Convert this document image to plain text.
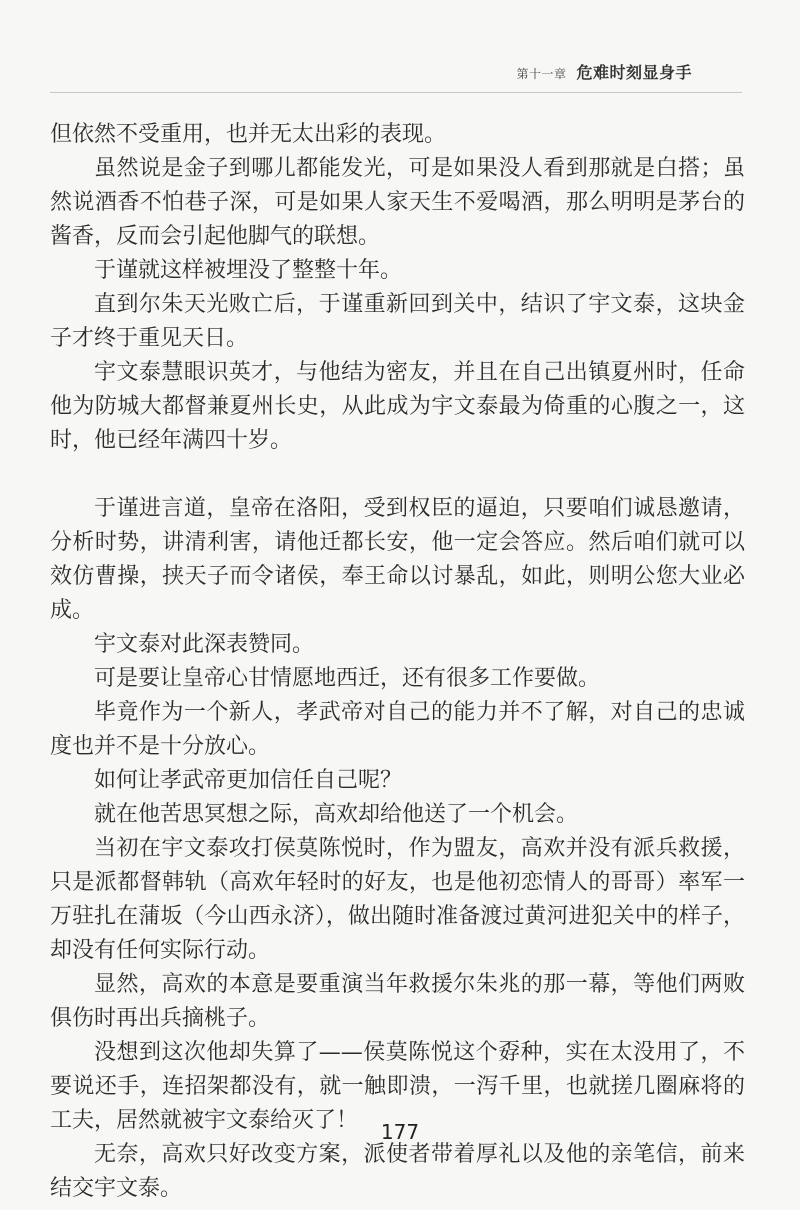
第十一章 危难时刻显身手

但依然不受重用，也并无太出彩的表现。

虽然说是金子到哪儿都能发光，可是如果没人看到那就是白搭；虽然说酒香不怕巷子深，可是如果人家天生不爱喝酒，那么明明是茅台的酱香，反而会引起他脚气的联想。

于谨就这样被埋没了整整十年。

直到尔朱天光败亡后，于谨重新回到关中，结识了宇文泰，这块金子才终于重见天日。

宇文泰慧眼识英才，与他结为密友，并且在自己出镇夏州时，任命他为防城大都督兼夏州长史，从此成为宇文泰最为倚重的心腹之一，这时，他已经年满四十岁。

于谨进言道，皇帝在洛阳，受到权臣的逼迫，只要咱们诚恳邀请，分析时势，讲清利害，请他迁都长安，他一定会答应。然后咱们就可以效仿曹操，挟天子而令诸侯，奉王命以讨暴乱，如此，则明公您大业必成。

宇文泰对此深表赞同。

可是要让皇帝心甘情愿地西迁，还有很多工作要做。

毕竟作为一个新人，孝武帝对自己的能力并不了解，对自己的忠诚度也并不是十分放心。

如何让孝武帝更加信任自己呢？

就在他苦思冥想之际，高欢却给他送了一个机会。

当初在宇文泰攻打侯莫陈悦时，作为盟友，高欢并没有派兵救援，只是派都督韩轨（高欢年轻时的好友，也是他初恋情人的哥哥）率军一万驻扎在蒲坂（今山西永济），做出随时准备渡过黄河进犯关中的样子，却没有任何实际行动。

显然，高欢的本意是要重演当年救援尔朱兆的那一幕，等他们两败俱伤时再出兵摘桃子。

没想到这次他却失算了——侯莫陈悦这个孬种，实在太没用了，不要说还手，连招架都没有，就一触即溃，一泻千里，也就搓几圈麻将的工夫，居然就被宇文泰给灭了！

无奈，高欢只好改变方案，派使者带着厚礼以及他的亲笔信，前来结交宇文泰。

177
